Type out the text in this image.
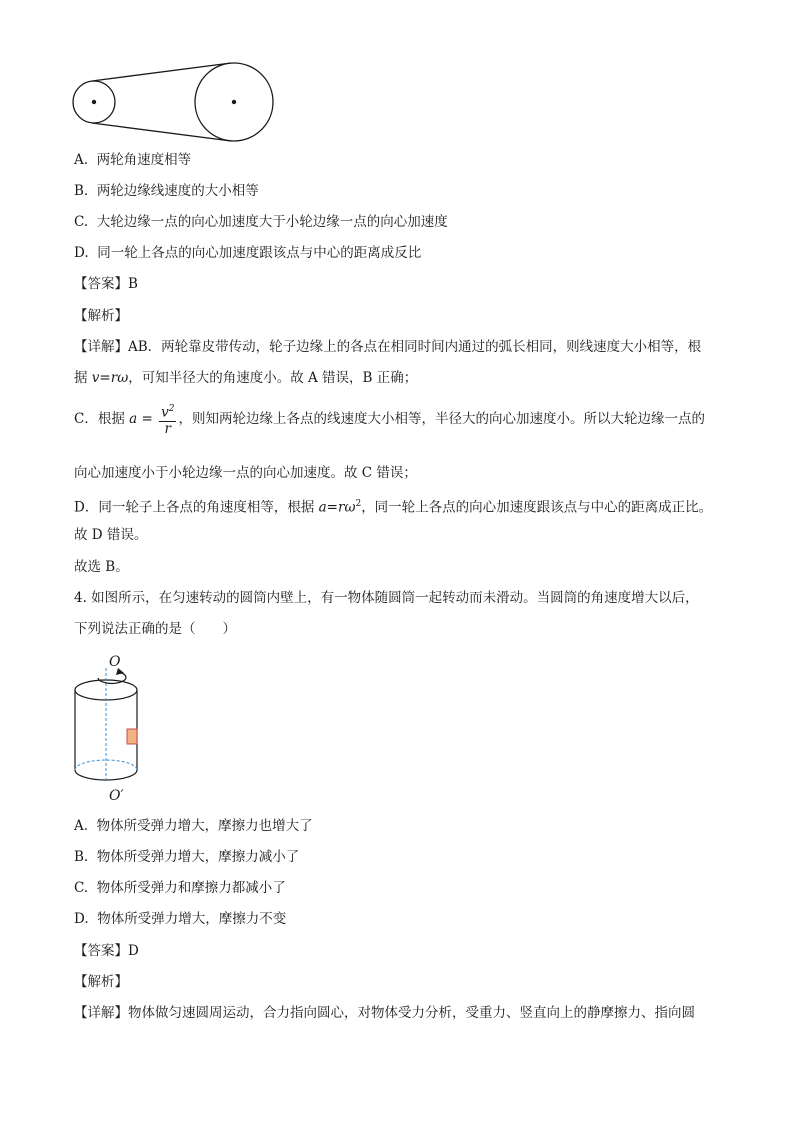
A. 两轮角速度相等
B. 两轮边缘线速度的大小相等
C. 大轮边缘一点的向心加速度大于小轮边缘一点的向心加速度
D. 同一轮上各点的向心加速度跟该点与中心的距离成反比
【答案】B
【解析】
【详解】AB．两轮靠皮带传动，轮子边缘上的各点在相同时间内通过的弧长相同，则线速度大小相等，根
据 v=rω，可知半径大的角速度小。故 A 错误，B 正确；
C．根据 $a = \frac{v^2}{r}$ ，则知两轮边缘上各点的线速度大小相等，半径大的向心加速度小。所以大轮边缘一点的
向心加速度小于小轮边缘一点的向心加速度。故 C 错误；
D．同一轮子上各点的角速度相等，根据 $a=r\omega^2$，同一轮上各点的向心加速度跟该点与中心的距离成正比。
故 D 错误。
故选 B。
4. 如图所示，在匀速转动的圆筒内壁上，有一物体随圆筒一起转动而未滑动。当圆筒的角速度增大以后，
下列说法正确的是（　　）
O
O′
A. 物体所受弹力增大，摩擦力也增大了
B. 物体所受弹力增大，摩擦力减小了
C. 物体所受弹力和摩擦力都减小了
D. 物体所受弹力增大，摩擦力不变
【答案】D
【解析】
【详解】物体做匀速圆周运动，合力指向圆心，对物体受力分析，受重力、竖直向上的静摩擦力、指向圆
